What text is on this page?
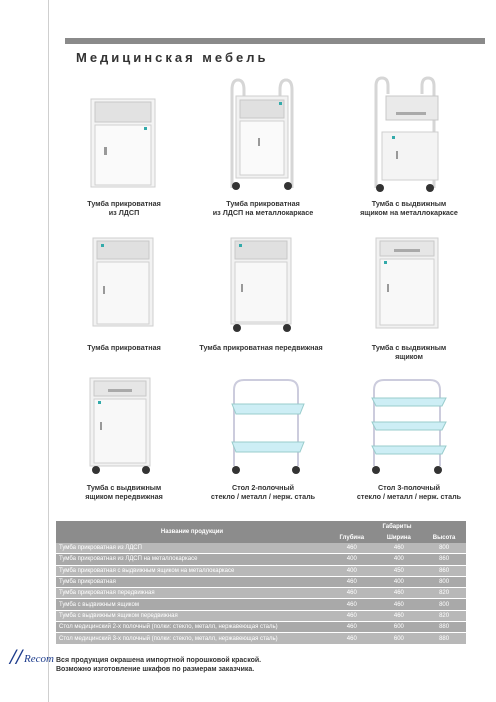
Медицинская мебель
Тумба прикроватная
из ЛДСП
Тумба прикроватная
из ЛДСП на металлокаркасе
Тумба с выдвижным
ящиком на металлокаркасе
Тумба прикроватная	Тумба прикроватная передвижная	Тумба с выдвижным
ящиком
Тумба с выдвижным
ящиком передвижная
Стол 2-полочный
стекло / металл / нерж. сталь
Стол 3-полочный
стекло / металл / нерж. сталь
Название продукции	Габариты		
	Глубина	Ширина	Высота
Тумба прикроватная из ЛДСП	460	460	800
Тумба прикроватная из ЛДСП на металлокаркасе	400	400	860
Тумба прикроватная с выдвижным ящиком на металлокаркасе	400	450	860
Тумба прикроватная	460	400	800
Тумба прикроватная передвижная	460	460	820
Тумба с выдвижным ящиком	460	460	800
Тумба с выдвижным ящиком передвижная	460	460	820
Стол медицинский 2-х полочный (полки: стекло, металл, нержавеющая сталь)	460	600	880
Стол медицинский 3-х полочный (полки: стекло, металл, нержавеющая сталь)	460	600	880
// Recom Вся продукция окрашена импортной порошковой краской.
Возможно изготовление шкафов по размерам заказчика.
